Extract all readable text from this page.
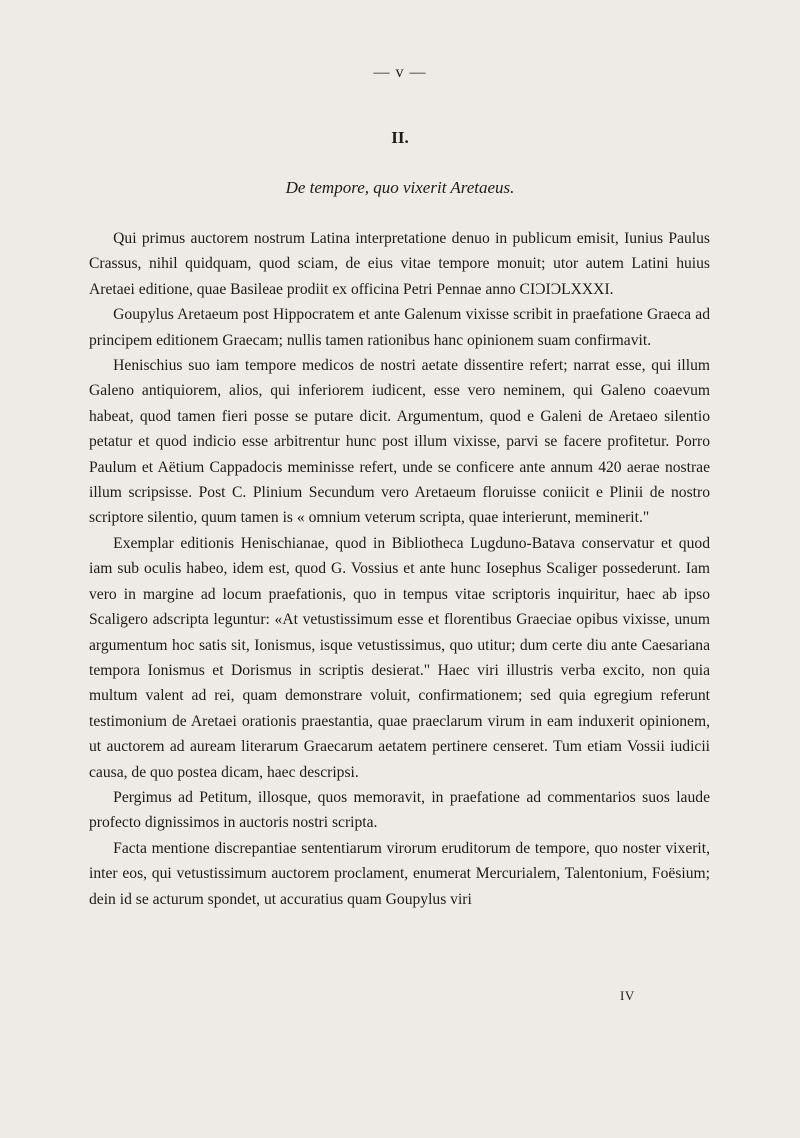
— v —
II.
De tempore, quo vixerit Aretaeus.

Qui primus auctorem nostrum Latina interpretatione denuo in publicum emisit, Iunius Paulus Crassus, nihil quidquam, quod sciam, de eius vitae tempore monuit; utor autem Latini huius Aretaei editione, quae Basileae prodiit ex officina Petri Pennae anno CIƆIƆLXXXI.

Goupylus Aretaeum post Hippocratem et ante Galenum vixisse scribit in praefatione Graeca ad principem editionem Graecam; nullis tamen rationibus hanc opinionem suam confirmavit.

Henischius suo iam tempore medicos de nostri aetate dissentire refert; narrat esse, qui illum Galeno antiquiorem, alios, qui inferiorem iudicent, esse vero neminem, qui Galeno coaevum habeat, quod tamen fieri posse se putare dicit. Argumentum, quod e Galeni de Aretaeo silentio petatur et quod indicio esse arbitrentur hunc post illum vixisse, parvi se facere profitetur. Porro Paulum et Aëtium Cappadocis meminisse refert, unde se conficere ante annum 420 aerae nostrae illum scripsisse. Post C. Plinium Secundum vero Aretaeum floruisse coniicit e Plinii de nostro scriptore silentio, quum tamen is « omnium veterum scripta, quae interierunt, meminerit."

Exemplar editionis Henischianae, quod in Bibliotheca Lugduno-Batava conservatur et quod iam sub oculis habeo, idem est, quod G. Vossius et ante hunc Iosephus Scaliger possederunt. Iam vero in margine ad locum praefationis, quo in tempus vitae scriptoris inquiritur, haec ab ipso Scaligero adscripta leguntur: «At vetustissimum esse et florentibus Graeciae opibus vixisse, unum argumentum hoc satis sit, Ionismus, isque vetustissimus, quo utitur; dum certe diu ante Caesariana tempora Ionismus et Dorismus in scriptis desierat." Haec viri illustris verba excito, non quia multum valent ad rei, quam demonstrare voluit, confirmationem; sed quia egregium referunt testimonium de Aretaei orationis praestantia, quae praeclarum virum in eam induxerit opinionem, ut auctorem ad auream literarum Graecarum aetatem pertinere censeret. Tum etiam Vossii iudicii causa, de quo postea dicam, haec descripsi.

Pergimus ad Petitum, illosque, quos memoravit, in praefatione ad commentarios suos laude profecto dignissimos in auctoris nostri scripta.

Facta mentione discrepantiae sententiarum virorum eruditorum de tempore, quo noster vixerit, inter eos, qui vetustissimum auctorem proclament, enumerat Mercurialem, Talentonium, Foësium; dein id se acturum spondet, ut accuratius quam Goupylus viri

IV
